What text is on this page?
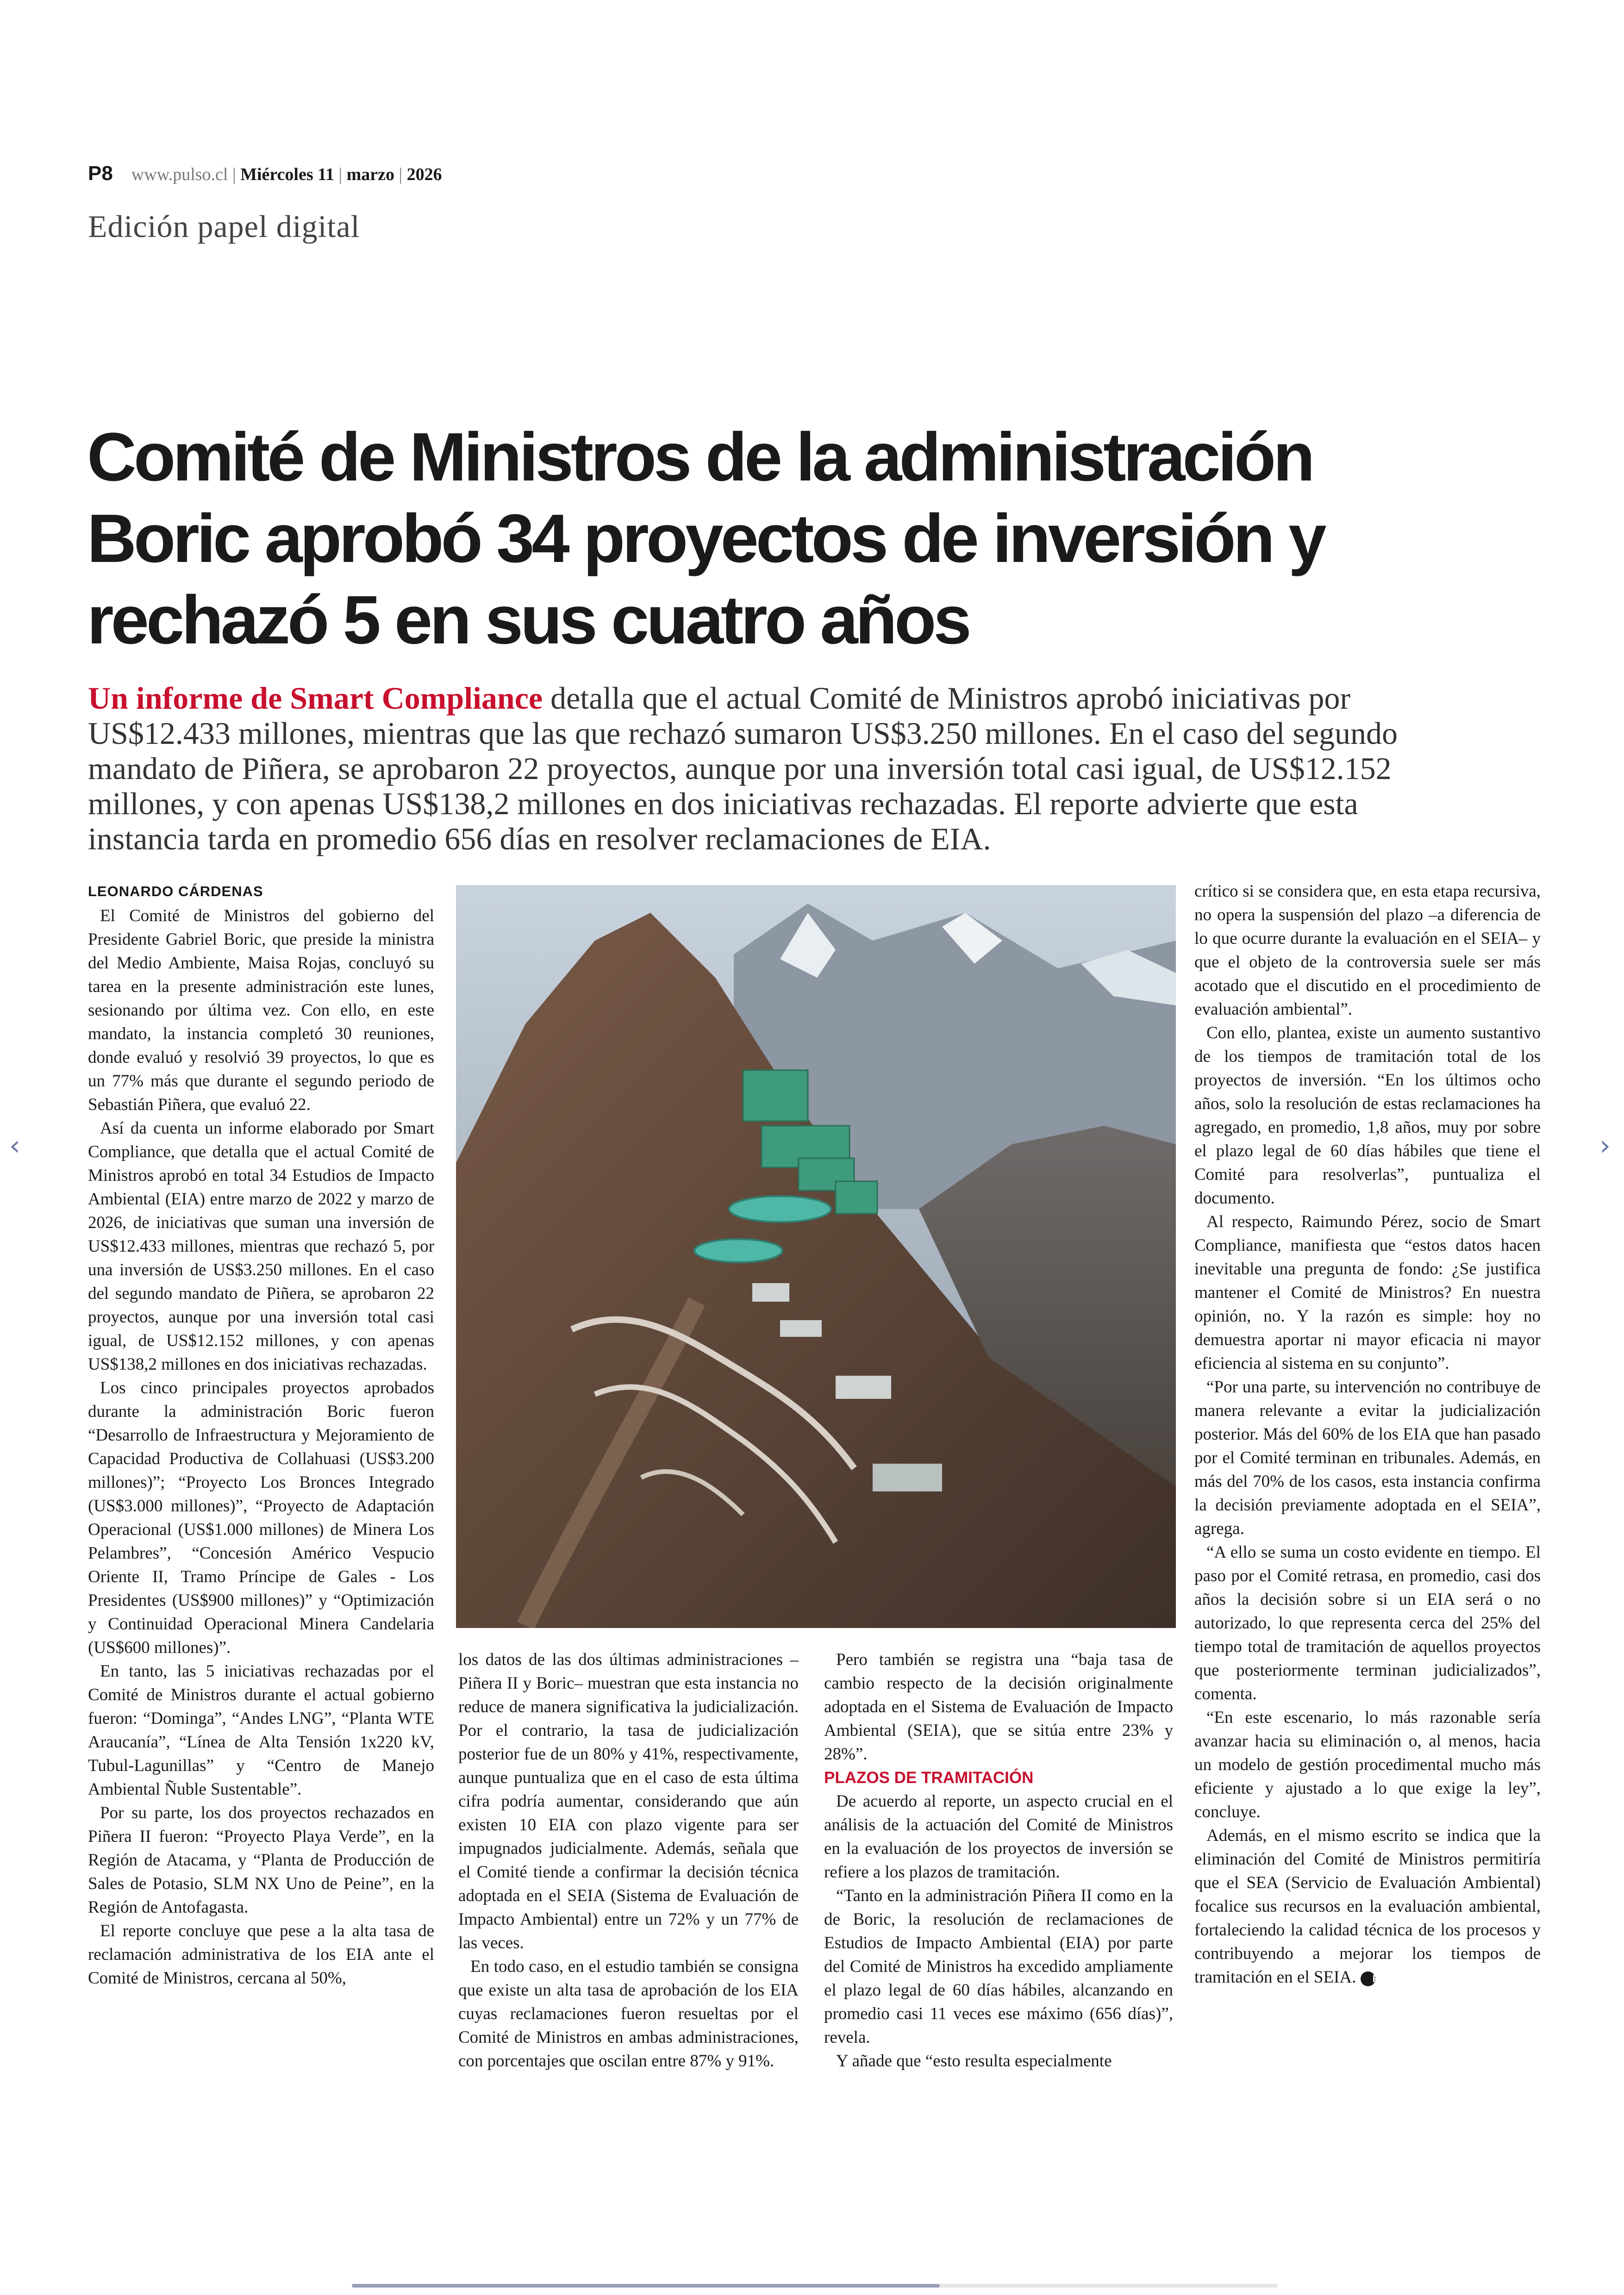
P8 www.pulso.cl | Miércoles 11 | marzo | 2026
Edición papel digital
Comité de Ministros de la administración Boric aprobó 34 proyectos de inversión y rechazó 5 en sus cuatro años
Un informe de Smart Compliance detalla que el actual Comité de Ministros aprobó iniciativas por US$12.433 millones, mientras que las que rechazó sumaron US$3.250 millones. En el caso del segundo mandato de Piñera, se aprobaron 22 proyectos, aunque por una inversión total casi igual, de US$12.152 millones, y con apenas US$138,2 millones en dos iniciativas rechazadas. El reporte advierte que esta instancia tarda en promedio 656 días en resolver reclamaciones de EIA.
LEONARDO CÁRDENAS

El Comité de Ministros del gobierno del Presidente Gabriel Boric, que preside la ministra del Medio Ambiente, Maisa Rojas, concluyó su tarea en la presente administración este lunes, sesionando por última vez. Con ello, en este mandato, la instancia completó 30 reuniones, donde evaluó y resolvió 39 proyectos, lo que es un 77% más que durante el segundo periodo de Sebastián Piñera, que evaluó 22.

Así da cuenta un informe elaborado por Smart Compliance, que detalla que el actual Comité de Ministros aprobó en total 34 Estudios de Impacto Ambiental (EIA) entre marzo de 2022 y marzo de 2026, de iniciativas que suman una inversión de US$12.433 millones, mientras que rechazó 5, por una inversión de US$3.250 millones. En el caso del segundo mandato de Piñera, se aprobaron 22 proyectos, aunque por una inversión total casi igual, de US$12.152 millones, y con apenas US$138,2 millones en dos iniciativas rechazadas.

Los cinco principales proyectos aprobados durante la administración Boric fueron “Desarrollo de Infraestructura y Mejoramiento de Capacidad Productiva de Collahuasi (US$3.200 millones)”; “Proyecto Los Bronces Integrado (US$3.000 millones)”, “Proyecto de Adaptación Operacional (US$1.000 millones) de Minera Los Pelambres”, “Concesión Américo Vespucio Oriente II, Tramo Príncipe de Gales - Los Presidentes (US$900 millones)” y “Optimización y Continuidad Operacional Minera Candelaria (US$600 millones)”.

En tanto, las 5 iniciativas rechazadas por el Comité de Ministros durante el actual gobierno fueron: “Dominga”, “Andes LNG”, “Planta WTE Araucanía”, “Línea de Alta Tensión 1x220 kV, Tubul-Lagunillas” y “Centro de Manejo Ambiental Ñuble Sustentable”.

Por su parte, los dos proyectos rechazados en Piñera II fueron: “Proyecto Playa Verde”, en la Región de Atacama, y “Planta de Producción de Sales de Potasio, SLM NX Uno de Peine”, en la Región de Antofagasta.

El reporte concluye que pese a la alta tasa de reclamación administrativa de los EIA ante el Comité de Ministros, cercana al 50%,

los datos de las dos últimas administraciones –Piñera II y Boric– muestran que esta instancia no reduce de manera significativa la judicialización. Por el contrario, la tasa de judicialización posterior fue de un 80% y 41%, respectivamente, aunque puntualiza que en el caso de esta última cifra podría aumentar, considerando que aún existen 10 EIA con plazo vigente para ser impugnados judicialmente. Además, señala que el Comité tiende a confirmar la decisión técnica adoptada en el SEIA (Sistema de Evaluación de Impacto Ambiental) entre un 72% y un 77% de las veces.

En todo caso, en el estudio también se consigna que existe un alta tasa de aprobación de los EIA cuyas reclamaciones fueron resueltas por el Comité de Ministros en ambas administraciones, con porcentajes que oscilan entre 87% y 91%.

Pero también se registra una “baja tasa de cambio respecto de la decisión originalmente adoptada en el Sistema de Evaluación de Impacto Ambiental (SEIA), que se sitúa entre 23% y 28%”.

PLAZOS DE TRAMITACIÓN

De acuerdo al reporte, un aspecto crucial en el análisis de la actuación del Comité de Ministros en la evaluación de los proyectos de inversión se refiere a los plazos de tramitación.

“Tanto en la administración Piñera II como en la de Boric, la resolución de reclamaciones de Estudios de Impacto Ambiental (EIA) por parte del Comité de Ministros ha excedido ampliamente el plazo legal de 60 días hábiles, alcanzando en promedio casi 11 veces ese máximo (656 días)”, revela.

Y añade que “esto resulta especialmente

crítico si se considera que, en esta etapa recursiva, no opera la suspensión del plazo –a diferencia de lo que ocurre durante la evaluación en el SEIA– y que el objeto de la controversia suele ser más acotado que el discutido en el procedimiento de evaluación ambiental”.

Con ello, plantea, existe un aumento sustantivo de los tiempos de tramitación total de los proyectos de inversión. “En los últimos ocho años, solo la resolución de estas reclamaciones ha agregado, en promedio, 1,8 años, muy por sobre el plazo legal de 60 días hábiles que tiene el Comité para resolverlas”, puntualiza el documento.

Al respecto, Raimundo Pérez, socio de Smart Compliance, manifiesta que “estos datos hacen inevitable una pregunta de fondo: ¿Se justifica mantener el Comité de Ministros? En nuestra opinión, no. Y la razón es simple: hoy no demuestra aportar ni mayor eficacia ni mayor eficiencia al sistema en su conjunto”.

“Por una parte, su intervención no contribuye de manera relevante a evitar la judicialización posterior. Más del 60% de los EIA que han pasado por el Comité terminan en tribunales. Además, en más del 70% de los casos, esta instancia confirma la decisión previamente adoptada en el SEIA”, agrega.

“A ello se suma un costo evidente en tiempo. El paso por el Comité retrasa, en promedio, casi dos años la decisión sobre si un EIA será o no autorizado, lo que representa cerca del 25% del tiempo total de tramitación de aquellos proyectos que posteriormente terminan judicializados”, comenta.

“En este escenario, lo más razonable sería avanzar hacia su eliminación o, al menos, hacia un modelo de gestión procedimental mucho más eficiente y ajustado a lo que exige la ley”, concluye.

Además, en el mismo escrito se indica que la eliminación del Comité de Ministros permitiría que el SEA (Servicio de Evaluación Ambiental) focalice sus recursos en la evaluación ambiental, fortaleciendo la calidad técnica de los procesos y contribuyendo a mejorar los tiempos de tramitación en el SEIA. P

‹	›
